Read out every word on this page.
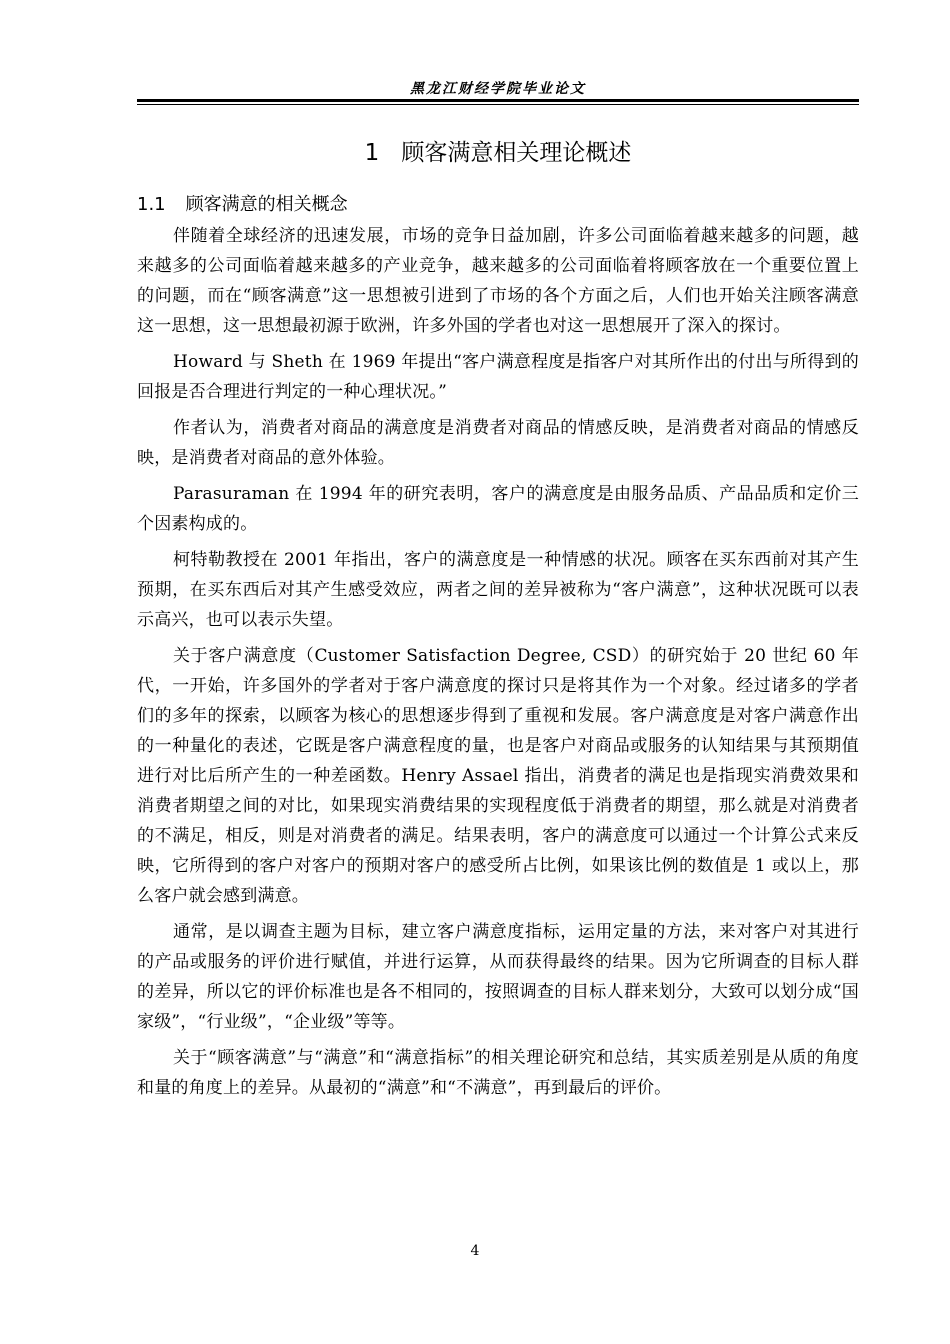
黑龙江财经学院毕业论文
1 顾客满意相关理论概述
1.1 顾客满意的相关概念

伴随着全球经济的迅速发展，市场的竞争日益加剧，许多公司面临着越来越多的问题，越来越多的公司面临着越来越多的产业竞争，越来越多的公司面临着将顾客放在一个重要位置上的问题，而在“顾客满意”这一思想被引进到了市场的各个方面之后，人们也开始关注顾客满意这一思想，这一思想最初源于欧洲，许多外国的学者也对这一思想展开了深入的探讨。

Howard 与 Sheth 在 1969 年提出“客户满意程度是指客户对其所作出的付出与所得到的回报是否合理进行判定的一种心理状况。”

作者认为，消费者对商品的满意度是消费者对商品的情感反映，是消费者对商品的情感反映，是消费者对商品的意外体验。

Parasuraman 在 1994 年的研究表明，客户的满意度是由服务品质、产品品质和定价三个因素构成的。

柯特勒教授在 2001 年指出，客户的满意度是一种情感的状况。顾客在买东西前对其产生预期，在买东西后对其产生感受效应，两者之间的差异被称为“客户满意”，这种状况既可以表示高兴，也可以表示失望。

关于客户满意度（Customer Satisfaction Degree, CSD）的研究始于 20 世纪 60 年代，一开始，许多国外的学者对于客户满意度的探讨只是将其作为一个对象。经过诸多的学者们的多年的探索，以顾客为核心的思想逐步得到了重视和发展。客户满意度是对客户满意作出的一种量化的表述，它既是客户满意程度的量，也是客户对商品或服务的认知结果与其预期值进行对比后所产生的一种差函数。Henry Assael 指出，消费者的满足也是指现实消费效果和消费者期望之间的对比，如果现实消费结果的实现程度低于消费者的期望，那么就是对消费者的不满足，相反，则是对消费者的满足。结果表明，客户的满意度可以通过一个计算公式来反映，它所得到的客户对客户的预期对客户的感受所占比例，如果该比例的数值是 1 或以上，那么客户就会感到满意。

通常，是以调查主题为目标，建立客户满意度指标，运用定量的方法，来对客户对其进行的产品或服务的评价进行赋值，并进行运算，从而获得最终的结果。因为它所调查的目标人群的差异，所以它的评价标准也是各不相同的，按照调查的目标人群来划分，大致可以划分成“国家级”，“行业级”，“企业级”等等。

关于“顾客满意”与“满意”和“满意指标”的相关理论研究和总结，其实质差别是从质的角度和量的角度上的差异。从最初的“满意”和“不满意”，再到最后的评价。

4
